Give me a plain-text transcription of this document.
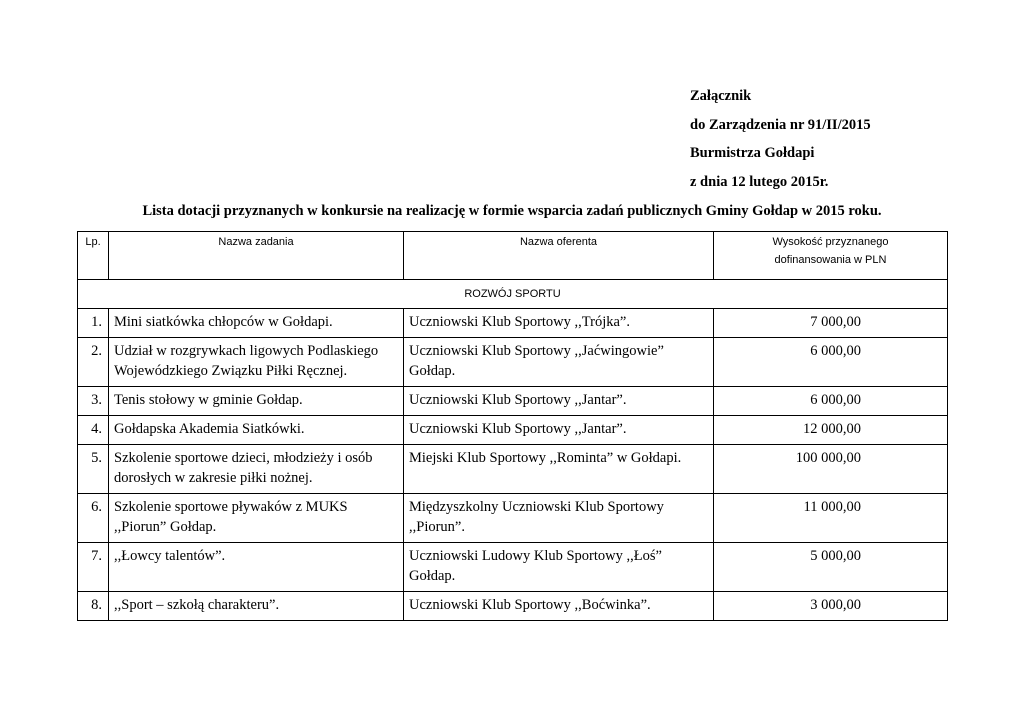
Załącznik
do Zarządzenia nr 91/II/2015
Burmistrza Gołdapi
z dnia 12 lutego 2015r.
Lista dotacji przyznanych w konkursie na realizację w formie wsparcia zadań publicznych Gminy Gołdap w 2015 roku.
Lp.	Nazwa zadania	Nazwa oferenta	Wysokość przyznanego
dofinansowania w PLN
ROZWÓJ SPORTU			
1.	Mini siatkówka chłopców w Gołdapi.	Uczniowski Klub Sportowy ,,Trójka”.	7 000,00
2.	Udział w rozgrywkach ligowych Podlaskiego Wojewódzkiego Związku Piłki Ręcznej.	Uczniowski Klub Sportowy ,,Jaćwingowie” Gołdap.	6 000,00
3.	Tenis stołowy w gminie Gołdap.	Uczniowski Klub Sportowy ,,Jantar”.	6 000,00
4.	Gołdapska Akademia Siatkówki.	Uczniowski Klub Sportowy ,,Jantar”.	12 000,00
5.	Szkolenie sportowe dzieci, młodzieży i osób dorosłych w zakresie piłki nożnej.	Miejski Klub Sportowy ,,Rominta” w Gołdapi.	100 000,00
6.	Szkolenie sportowe pływaków z MUKS ,,Piorun” Gołdap.	Międzyszkolny Uczniowski Klub Sportowy ,,Piorun”.	11 000,00
7.	,,Łowcy talentów”.	Uczniowski Ludowy Klub Sportowy ,,Łoś” Gołdap.	5 000,00
8.	,,Sport – szkołą charakteru”.	Uczniowski Klub Sportowy ,,Boćwinka”.	3 000,00
